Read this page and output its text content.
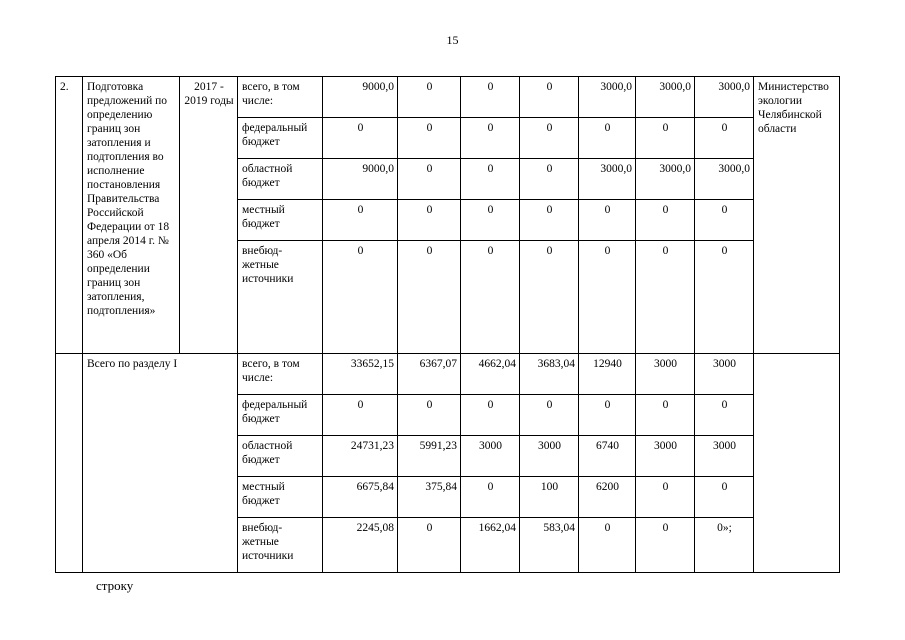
15
2.	Подготовка предложений по определению границ зон затопления и подтопления во исполнение постановления Правительства Российской Федерации от 18 апреля 2014 г. № 360 «Об определении границ зон затопления, подтопления»	2017 - 2019 годы	всего, в том числе:	9000,0	0	0	0	3000,0	3000,0	3000,0	Министерство экологии Челябинской области
			федеральный бюджет	0	0	0	0	0	0	0	
			областной бюджет	9000,0	0	0	0	3000,0	3000,0	3000,0	
			местный бюджет	0	0	0	0	0	0	0	
			внебюд-жетные источники	0	0	0	0	0	0	0	
	Всего по разделу I		всего, в том числе:	33652,15	6367,07	4662,04	3683,04	12940	3000	3000	
			федеральный бюджет	0	0	0	0	0	0	0	
			областной бюджет	24731,23	5991,23	3000	3000	6740	3000	3000	
			местный бюджет	6675,84	375,84	0	100	6200	0	0	
			внебюд-жетные источники	2245,08	0	1662,04	583,04	0	0	0»;	
строку
